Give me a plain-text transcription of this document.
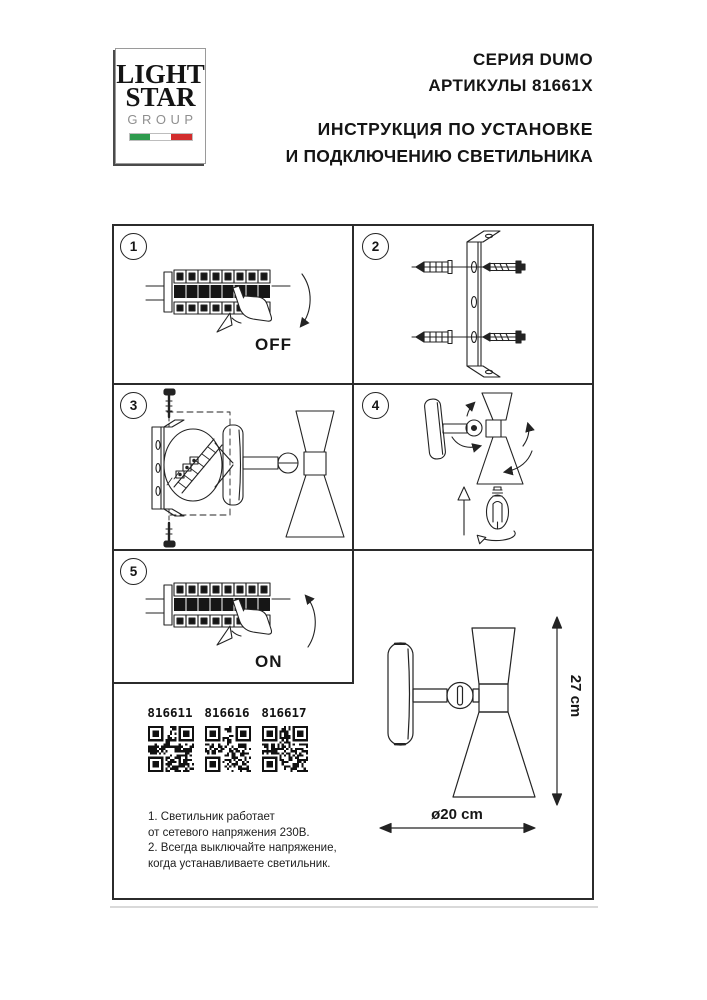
LIGHT
STAR
GROUP
СЕРИЯ DUMO
АРТИКУЛЫ 81661X
ИНСТРУКЦИЯ ПО УСТАНОВКЕ
И ПОДКЛЮЧЕНИЮ СВЕТИЛЬНИКА
1	2
3	4
5
OFF
ON
27 cm
ø20 cm
816611 816616 816617
1. Светильник работает
от сетевого напряжения 230В.
2. Всегда выключайте напряжение,
когда устанавливаете светильник.
